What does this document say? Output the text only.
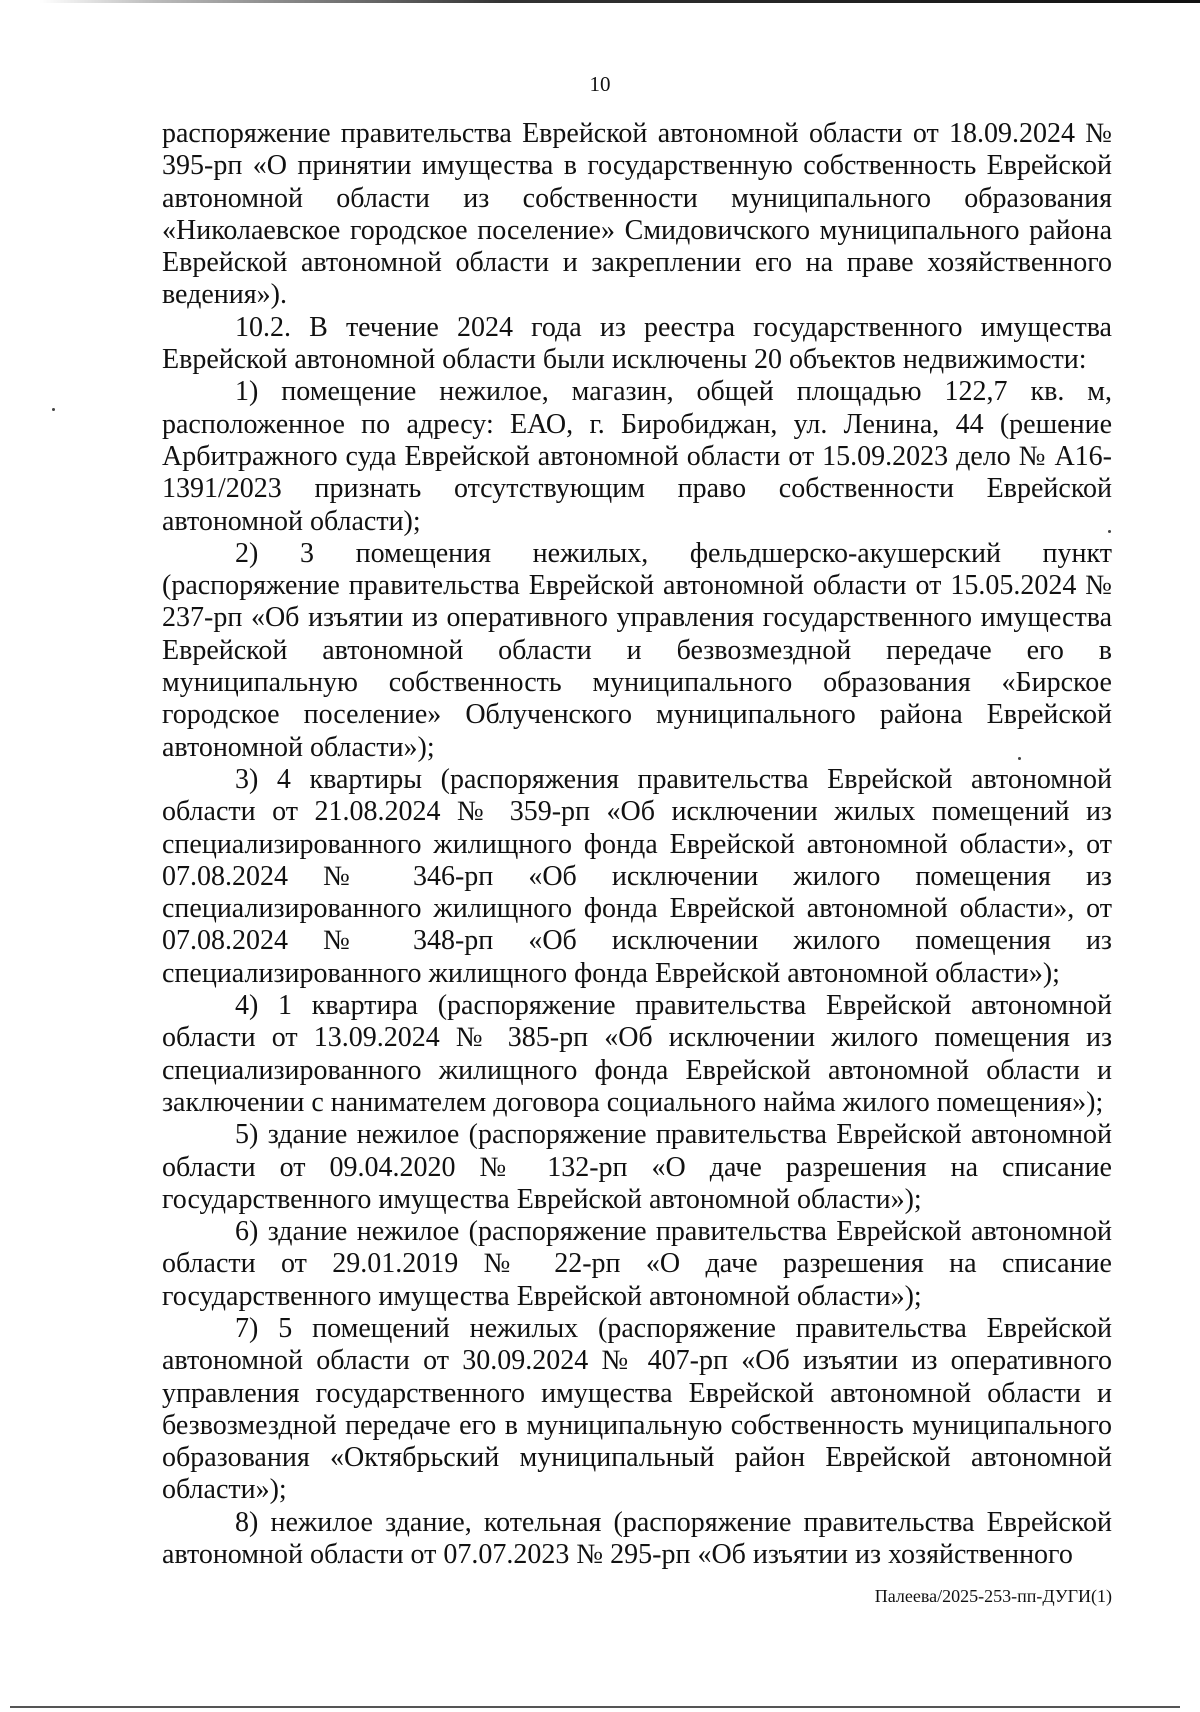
10

распоряжение правительства Еврейской автономной области от 18.09.2024 № 395-рп «О принятии имущества в государственную собственность Еврейской автономной области из собственности муниципального образования «Николаевское городское поселение» Смидовичского муниципального района Еврейской автономной области и закреплении его на праве хозяйственного ведения»).

10.2. В течение 2024 года из реестра государственного имущества Еврейской автономной области были исключены 20 объектов недвижимости:

1) помещение нежилое, магазин, общей площадью 122,7 кв. м, расположенное по адресу: ЕАО, г. Биробиджан, ул. Ленина, 44 (решение Арбитражного суда Еврейской автономной области от 15.09.2023 дело № А16-1391/2023 признать отсутствующим право собственности Еврейской автономной области);

2) 3 помещения нежилых, фельдшерско-акушерский пункт (распоряжение правительства Еврейской автономной области от 15.05.2024 № 237-рп «Об изъятии из оперативного управления государственного имущества Еврейской автономной области и безвозмездной передаче его в муниципальную собственность муниципального образования «Бирское городское поселение» Облученского муниципального района Еврейской автономной области»);

3) 4 квартиры (распоряжения правительства Еврейской автономной области от 21.08.2024 № 359-рп «Об исключении жилых помещений из специализированного жилищного фонда Еврейской автономной области», от 07.08.2024 № 346-рп «Об исключении жилого помещения из специализированного жилищного фонда Еврейской автономной области», от 07.08.2024 № 348-рп «Об исключении жилого помещения из специализированного жилищного фонда Еврейской автономной области»);

4) 1 квартира (распоряжение правительства Еврейской автономной области от 13.09.2024 № 385-рп «Об исключении жилого помещения из специализированного жилищного фонда Еврейской автономной области и заключении с нанимателем договора социального найма жилого помещения»);

5) здание нежилое (распоряжение правительства Еврейской автономной области от 09.04.2020 № 132-рп «О даче разрешения на списание государственного имущества Еврейской автономной области»);

6) здание нежилое (распоряжение правительства Еврейской автономной области от 29.01.2019 № 22-рп «О даче разрешения на списание государственного имущества Еврейской автономной области»);

7) 5 помещений нежилых (распоряжение правительства Еврейской автономной области от 30.09.2024 № 407-рп «Об изъятии из оперативного управления государственного имущества Еврейской автономной области и безвозмездной передаче его в муниципальную собственность муниципального образования «Октябрьский муниципальный район Еврейской автономной области»);

8) нежилое здание, котельная (распоряжение правительства Еврейской автономной области от 07.07.2023 № 295-рп «Об изъятии из хозяйственного

Палеева/2025-253-пп-ДУГИ(1)
